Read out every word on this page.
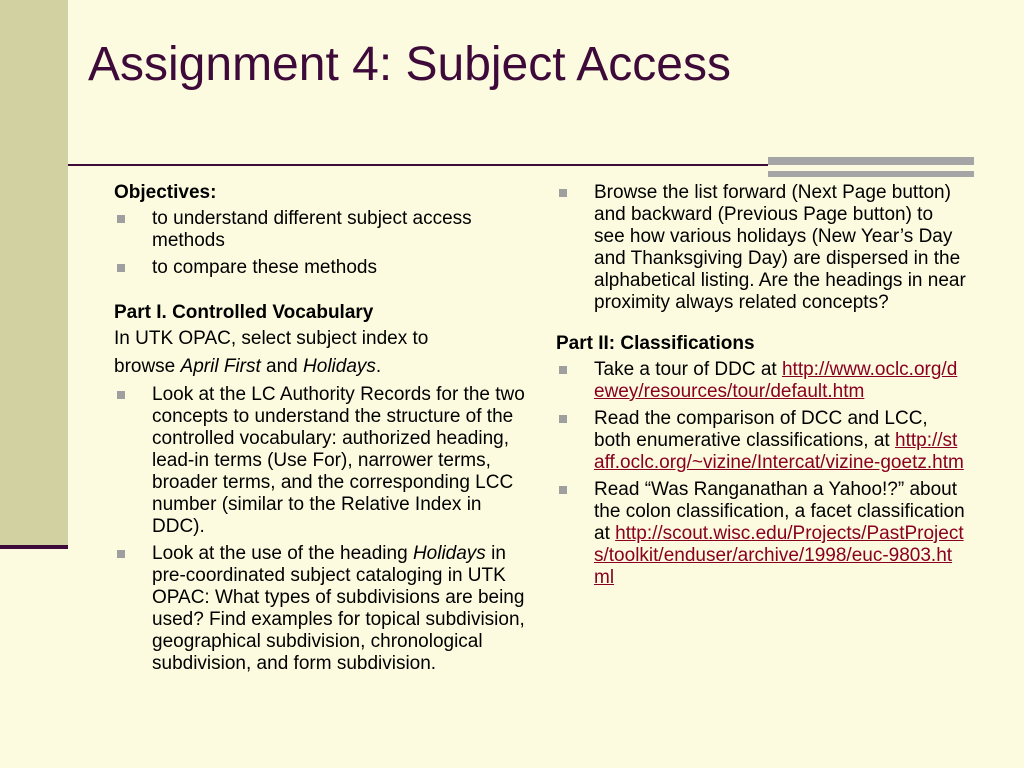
Assignment 4: Subject Access

Objectives:

to understand different subject access methods
to compare these methods

Part I. Controlled Vocabulary

In UTK OPAC, select subject index to

browse April First and Holidays.

Look at the LC Authority Records for the two concepts to understand the structure of the controlled vocabulary: authorized heading, lead-in terms (Use For), narrower terms, broader terms, and the corresponding LCC number (similar to the Relative Index in DDC).
Look at the use of the heading Holidays in pre-coordinated subject cataloging in UTK OPAC: What types of subdivisions are being used? Find examples for topical subdivision, geographical subdivision, chronological subdivision, and form subdivision.
Browse the list forward (Next Page button) and backward (Previous Page button) to see how various holidays (New Year’s Day and Thanksgiving Day) are dispersed in the alphabetical listing. Are the headings in near proximity always related concepts?

Part II: Classifications

Take a tour of DDC at http://www.oclc.org/dewey/resources/tour/default.htm
Read the comparison of DCC and LCC, both enumerative classifications, at http://staff.oclc.org/~vizine/Intercat/vizine-goetz.htm
Read “Was Ranganathan a Yahoo!?” about the colon classification, a facet classification at http://scout.wisc.edu/Projects/PastProjects/toolkit/enduser/archive/1998/euc-9803.html
